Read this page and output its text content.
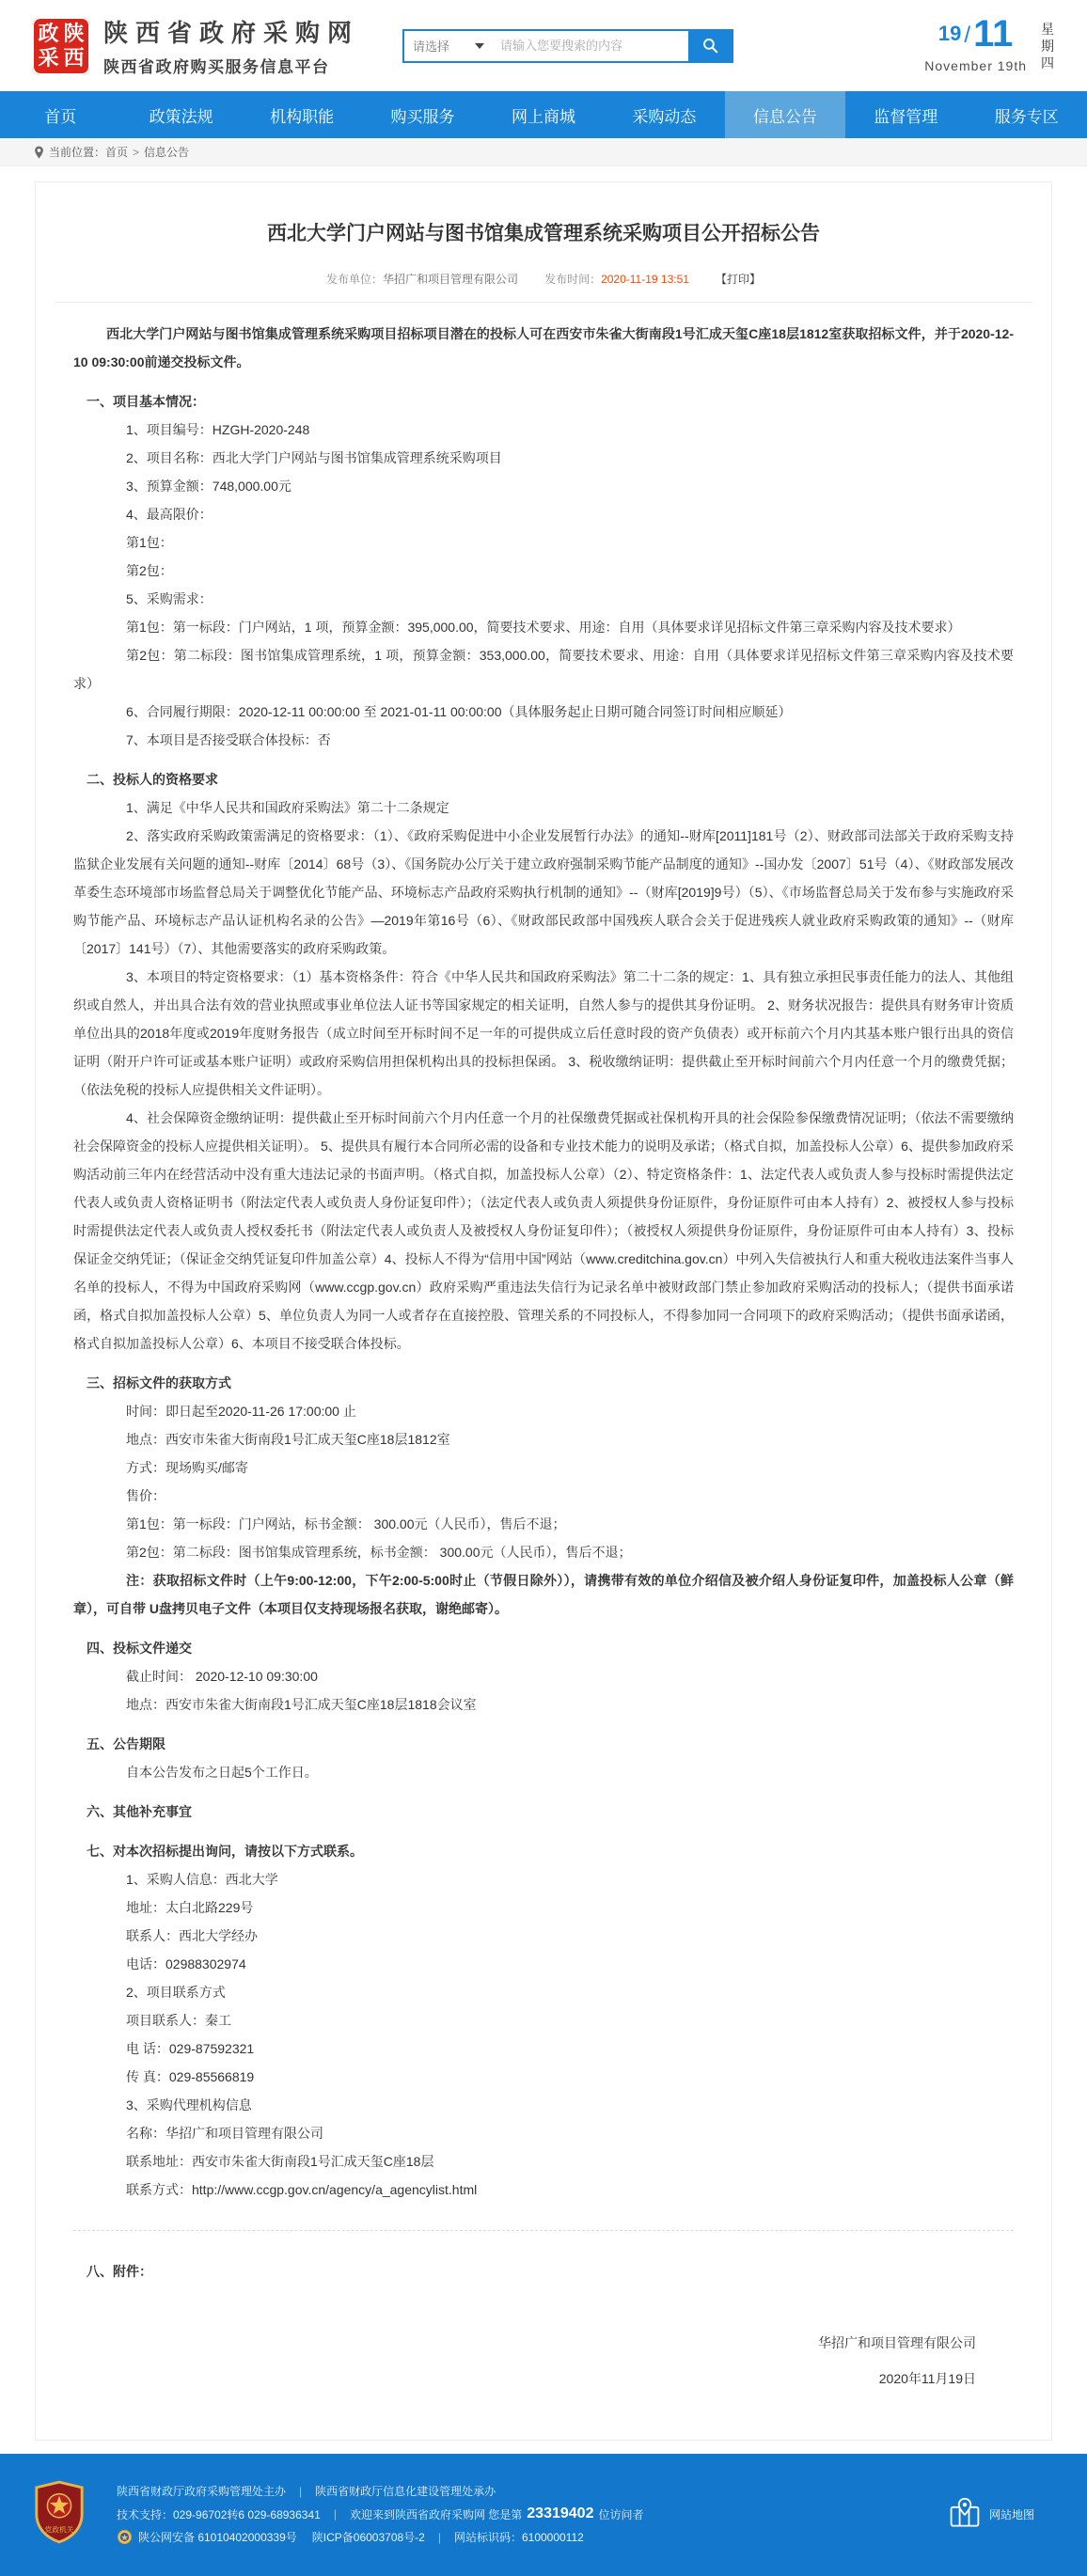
政 陕
采 西
陕西省政府采购网
陕西省政府购买服务信息平台
请选择
请输入您要搜索的内容
19 /11
November 19th
星期四
首页	政策法规	机构职能	购买服务	网上商城	采购动态	信息公告	监督管理	服务专区
当前位置： 首页 > 信息公告
西北大学门户网站与图书馆集成管理系统采购项目公开招标公告
发布单位：华招广和项目管理有限公司 发布时间：2020-11-19 13:51 【打印】

西北大学门户网站与图书馆集成管理系统采购项目招标项目潜在的投标人可在西安市朱雀大街南段1号汇成天玺C座18层1812室获取招标文件，并于2020-12-10 09:30:00前递交投标文件。

一、项目基本情况：

1、项目编号：HZGH-2020-248

2、项目名称：西北大学门户网站与图书馆集成管理系统采购项目

3、预算金额：748,000.00元

4、最高限价：

第1包：

第2包：

5、采购需求：

第1包：第一标段：门户网站，1 项，预算金额：395,000.00，简要技术要求、用途：自用（具体要求详见招标文件第三章采购内容及技术要求）

第2包：第二标段：图书馆集成管理系统，1 项，预算金额：353,000.00，简要技术要求、用途：自用（具体要求详见招标文件第三章采购内容及技术要求）

6、合同履行期限：2020-12-11 00:00:00 至 2021-01-11 00:00:00（具体服务起止日期可随合同签订时间相应顺延）

7、本项目是否接受联合体投标：否

二、投标人的资格要求

1、满足《中华人民共和国政府采购法》第二十二条规定

2、落实政府采购政策需满足的资格要求：（1）、《政府采购促进中小企业发展暂行办法》的通知--财库[2011]181号（2）、财政部司法部关于政府采购支持监狱企业发展有关问题的通知--财库〔2014〕68号（3）、《国务院办公厅关于建立政府强制采购节能产品制度的通知》--国办发〔2007〕51号（4）、《财政部发展改革委生态环境部市场监督总局关于调整优化节能产品、环境标志产品政府采购执行机制的通知》--（财库[2019]9号）（5）、《市场监督总局关于发布参与实施政府采购节能产品、环境标志产品认证机构名录的公告》—2019年第16号（6）、《财政部民政部中国残疾人联合会关于促进残疾人就业政府采购政策的通知》--（财库〔2017〕141号）（7）、其他需要落实的政府采购政策。

3、本项目的特定资格要求：（1）基本资格条件：符合《中华人民共和国政府采购法》第二十二条的规定：1、具有独立承担民事责任能力的法人、其他组织或自然人，并出具合法有效的营业执照或事业单位法人证书等国家规定的相关证明，自然人参与的提供其身份证明。 2、财务状况报告：提供具有财务审计资质单位出具的2018年度或2019年度财务报告（成立时间至开标时间不足一年的可提供成立后任意时段的资产负债表）或开标前六个月内其基本账户银行出具的资信证明（附开户许可证或基本账户证明）或政府采购信用担保机构出具的投标担保函。 3、税收缴纳证明：提供截止至开标时间前六个月内任意一个月的缴费凭据；（依法免税的投标人应提供相关文件证明）。

4、社会保障资金缴纳证明：提供截止至开标时间前六个月内任意一个月的社保缴费凭据或社保机构开具的社会保险参保缴费情况证明；（依法不需要缴纳社会保障资金的投标人应提供相关证明）。 5、提供具有履行本合同所必需的设备和专业技术能力的说明及承诺；（格式自拟，加盖投标人公章）6、提供参加政府采购活动前三年内在经营活动中没有重大违法记录的书面声明。（格式自拟，加盖投标人公章）（2）、特定资格条件：1、法定代表人或负责人参与投标时需提供法定代表人或负责人资格证明书（附法定代表人或负责人身份证复印件）；（法定代表人或负责人须提供身份证原件，身份证原件可由本人持有）2、被授权人参与投标时需提供法定代表人或负责人授权委托书（附法定代表人或负责人及被授权人身份证复印件）；（被授权人须提供身份证原件，身份证原件可由本人持有）3、投标保证金交纳凭证；（保证金交纳凭证复印件加盖公章）4、投标人不得为“信用中国”网站（www.creditchina.gov.cn）中列入失信被执行人和重大税收违法案件当事人名单的投标人，不得为中国政府采购网（www.ccgp.gov.cn）政府采购严重违法失信行为记录名单中被财政部门禁止参加政府采购活动的投标人；（提供书面承诺函，格式自拟加盖投标人公章）5、单位负责人为同一人或者存在直接控股、管理关系的不同投标人，不得参加同一合同项下的政府采购活动；（提供书面承诺函，格式自拟加盖投标人公章）6、本项目不接受联合体投标。

三、招标文件的获取方式

时间：即日起至2020-11-26 17:00:00 止

地点：西安市朱雀大街南段1号汇成天玺C座18层1812室

方式：现场购买/邮寄

售价：

第1包：第一标段：门户网站，标书金额： 300.00元（人民币），售后不退；

第2包：第二标段：图书馆集成管理系统，标书金额： 300.00元（人民币），售后不退；

注：获取招标文件时（上午9:00-12:00，下午2:00-5:00时止（节假日除外）），请携带有效的单位介绍信及被介绍人身份证复印件，加盖投标人公章（鲜章），可自带 U盘拷贝电子文件（本项目仅支持现场报名获取，谢绝邮寄）。

四、投标文件递交

截止时间： 2020-12-10 09:30:00

地点：西安市朱雀大街南段1号汇成天玺C座18层1818会议室

五、公告期限

自本公告发布之日起5个工作日。

六、其他补充事宜

七、对本次招标提出询问，请按以下方式联系。

1、采购人信息：西北大学

地址：太白北路229号

联系人：西北大学经办

电话：02988302974

2、项目联系方式

项目联系人：秦工

电 话：029-87592321

传 真：029-85566819

3、采购代理机构信息

名称：华招广和项目管理有限公司

联系地址：西安市朱雀大街南段1号汇成天玺C座18层

联系方式：http://www.ccgp.gov.cn/agency/a_agencylist.html

八、附件：

华招广和项目管理有限公司
2020年11月19日
党政机关
陕西省财政厅政府采购管理处主办 | 陕西省财政厅信息化建设管理处承办
技术支持：029-96702转6 029-68936341 | 欢迎来到陕西省政府采购网 您是第 23319402 位访问者
陕公网安备 61010402000339号 陕ICP备06003708号-2 | 网站标识码：6100000112
网站地图
